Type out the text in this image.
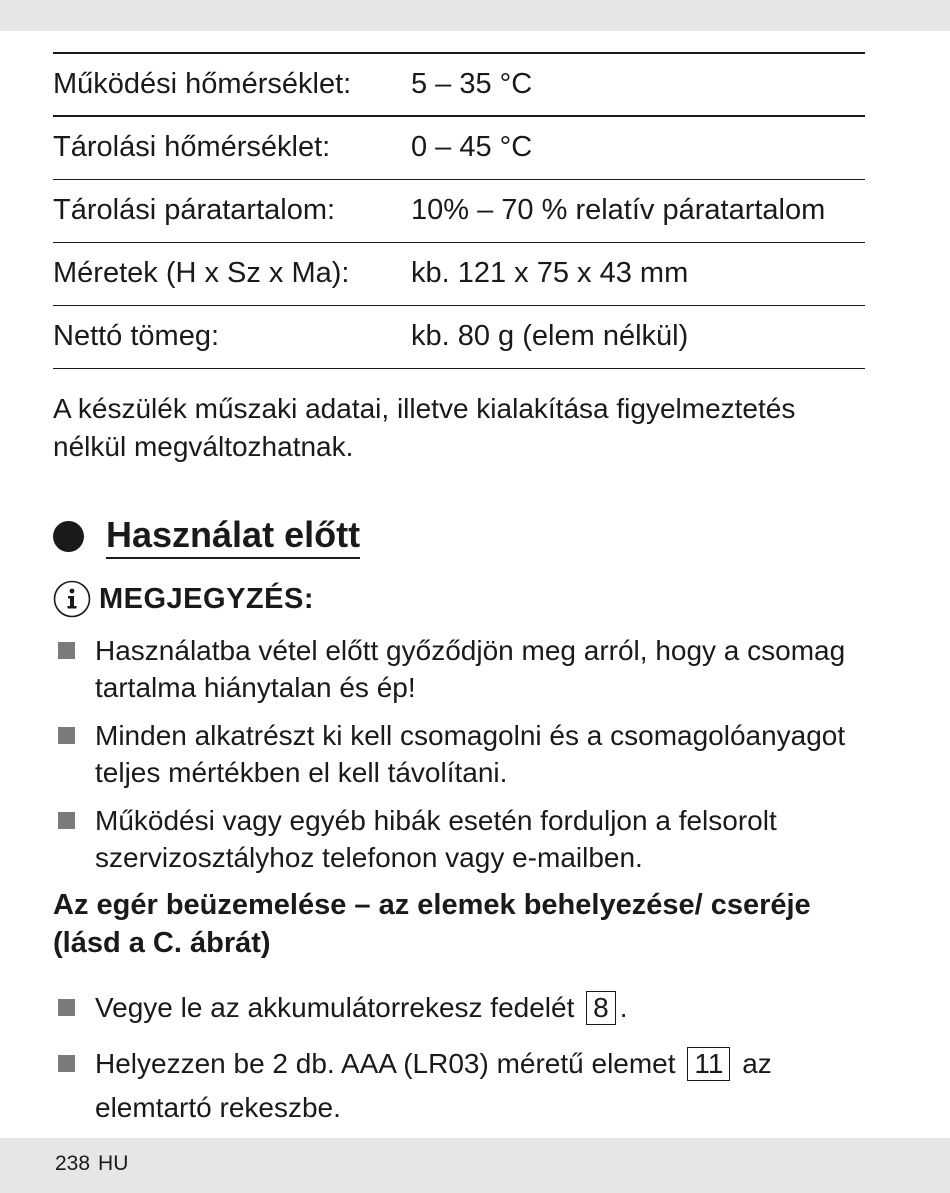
Működési hőmérséklet:	5 – 35 °C
Tárolási hőmérséklet:	0 – 45 °C
Tárolási páratartalom:	10% – 70 % relatív páratartalom
Méretek (H x Sz x Ma):	kb. 121 x 75 x 43 mm
Nettó tömeg:	kb. 80 g (elem nélkül)

A készülék műszaki adatai, illetve kialakítása figyelmeztetés nélkül megváltozhatnak.

Használat előtt
MEGJEGYZÉS:
Használatba vétel előtt győződjön meg arról, hogy a csomag tartalma hiánytalan és ép!
Minden alkatrészt ki kell csomagolni és a csomagolóanyagot teljes mértékben el kell távolítani.
Működési vagy egyéb hibák esetén forduljon a felsorolt szervizosztályhoz telefonon vagy e-mailben.
Az egér beüzemelése – az elemek behelyezése/ cseréje (lásd a C. ábrát)
Vegye le az akkumulátorrekesz fedelét 8 .
Helyezzen be 2 db. AAA (LR03) méretű elemet 11 az elemtartó rekeszbe.
238 HU
